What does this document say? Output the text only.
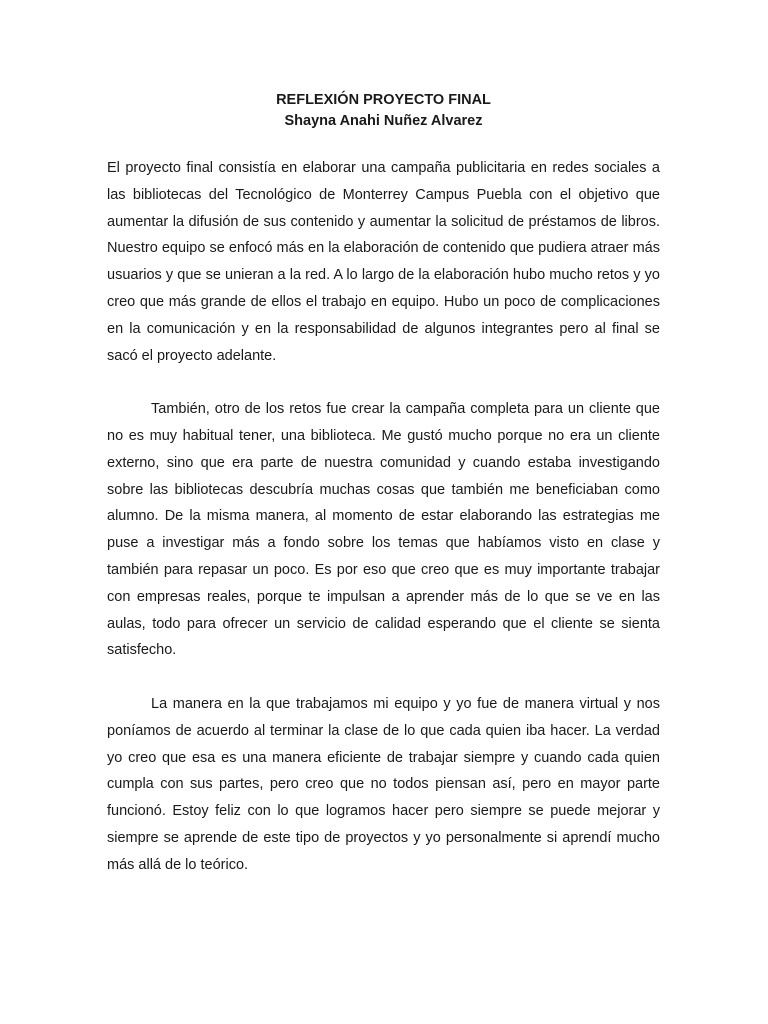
REFLEXIÓN PROYECTO FINAL
Shayna Anahi Nuñez Alvarez

El proyecto final consistía en elaborar una campaña publicitaria en redes sociales a las bibliotecas del Tecnológico de Monterrey Campus Puebla con el objetivo que aumentar la difusión de sus contenido y aumentar la solicitud de préstamos de libros. Nuestro equipo se enfocó más en la elaboración de contenido que pudiera atraer más usuarios y que se unieran a la red. A lo largo de la elaboración hubo mucho retos y yo creo que más grande de ellos el trabajo en equipo. Hubo un poco de complicaciones en la comunicación y en la responsabilidad de algunos integrantes pero al final se sacó el proyecto adelante.

También, otro de los retos fue crear la campaña completa para un cliente que no es muy habitual tener, una biblioteca. Me gustó mucho porque no era un cliente externo, sino que era parte de nuestra comunidad y cuando estaba investigando sobre las bibliotecas descubría muchas cosas que también me beneficiaban como alumno. De la misma manera, al momento de estar elaborando las estrategias me puse a investigar más a fondo sobre los temas que habíamos visto en clase y también para repasar un poco. Es por eso que creo que es muy importante trabajar con empresas reales, porque te impulsan a aprender más de lo que se ve en las aulas, todo para ofrecer un servicio de calidad esperando que el cliente se sienta satisfecho.

La manera en la que trabajamos mi equipo y yo fue de manera virtual y nos poníamos de acuerdo al terminar la clase de lo que cada quien iba hacer. La verdad yo creo que esa es una manera eficiente de trabajar siempre y cuando cada quien cumpla con sus partes, pero creo que no todos piensan así, pero en mayor parte funcionó. Estoy feliz con lo que logramos hacer pero siempre se puede mejorar y siempre se aprende de este tipo de proyectos y yo personalmente si aprendí mucho más allá de lo teórico.
